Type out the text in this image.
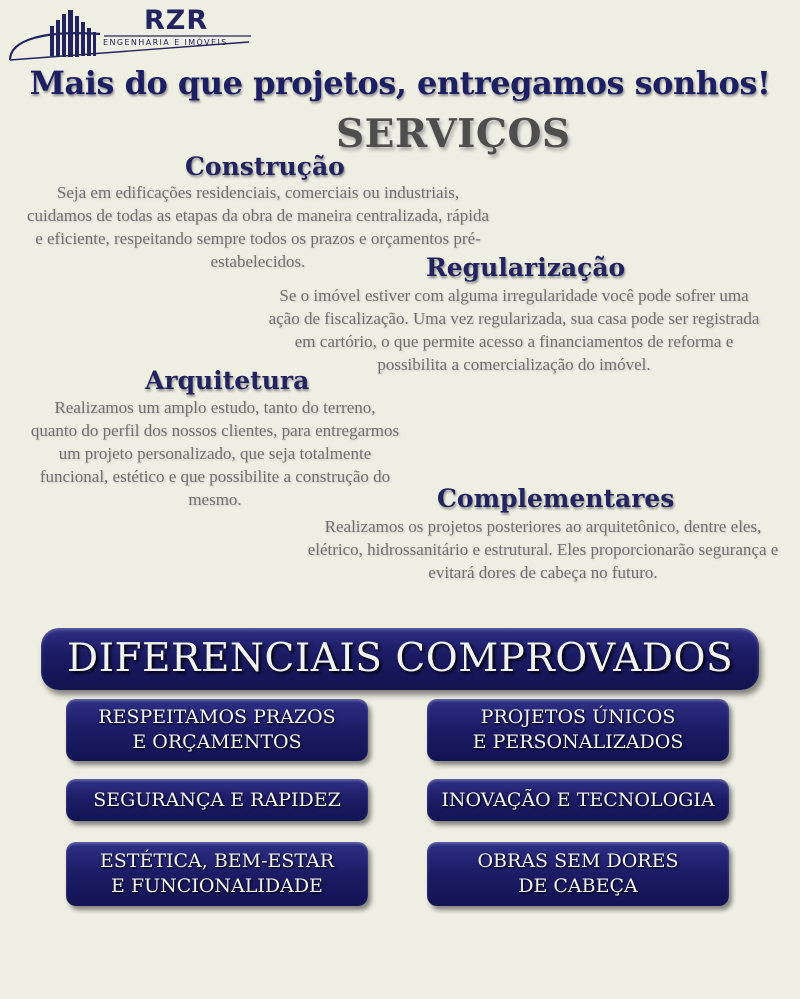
RZR
ENGENHARIA E IMÓVEIS
Mais do que projetos, entregamos sonhos!
SERVIÇOS
Construção
Seja em edificações residenciais, comerciais ou industriais, cuidamos de todas as etapas da obra de maneira centralizada, rápida e eficiente, respeitando sempre todos os prazos e orçamentos pré-estabelecidos.	Regularização
Se o imóvel estiver com alguma irregularidade você pode sofrer uma ação de fiscalização. Uma vez regularizada, sua casa pode ser registrada em cartório, o que permite acesso a financiamentos de reforma e possibilita a comercialização do imóvel.
Arquitetura
Realizamos um amplo estudo, tanto do terreno, quanto do perfil dos nossos clientes, para entregarmos um projeto personalizado, que seja totalmente funcional, estético e que possibilite a construção do mesmo.	Complementares
Realizamos os projetos posteriores ao arquitetônico, dentre eles, elétrico, hidrossanitário e estrutural. Eles proporcionarão segurança e evitará dores de cabeça no futuro.
DIFERENCIAIS COMPROVADOS
RESPEITAMOS PRAZOS
E ORÇAMENTOS
PROJETOS ÚNICOS
E PERSONALIZADOS
SEGURANÇA E RAPIDEZ	INOVAÇÃO E TECNOLOGIA
ESTÉTICA, BEM-ESTAR
E FUNCIONALIDADE
OBRAS SEM DORES
DE CABEÇA
